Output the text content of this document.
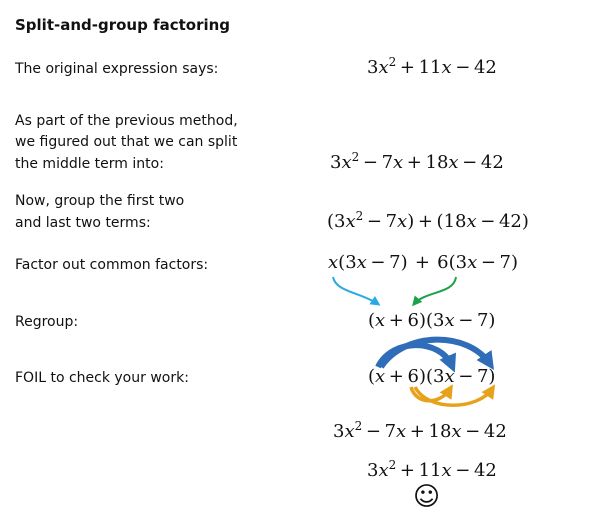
Split-and-group factoring
The original expression says:	$3x^2 + 11x - 42$
As part of the previous method,
we figured out that we can split
the middle term into:	$3x^2 - 7x + 18x - 42$
Now, group the first two
and last two terms:	$(3x^2 - 7x) + (18x - 42)$
Factor out common factors:	x(3x  −  7)   +   6(3x  −  7)
Regroup:	(x  +  6)(3x  −  7)
FOIL to check your work:	(x  +  6)(3x  −  7)
$3x^2 - 7x + 18x - 42$
$3x^2 + 11x - 42$
☺
